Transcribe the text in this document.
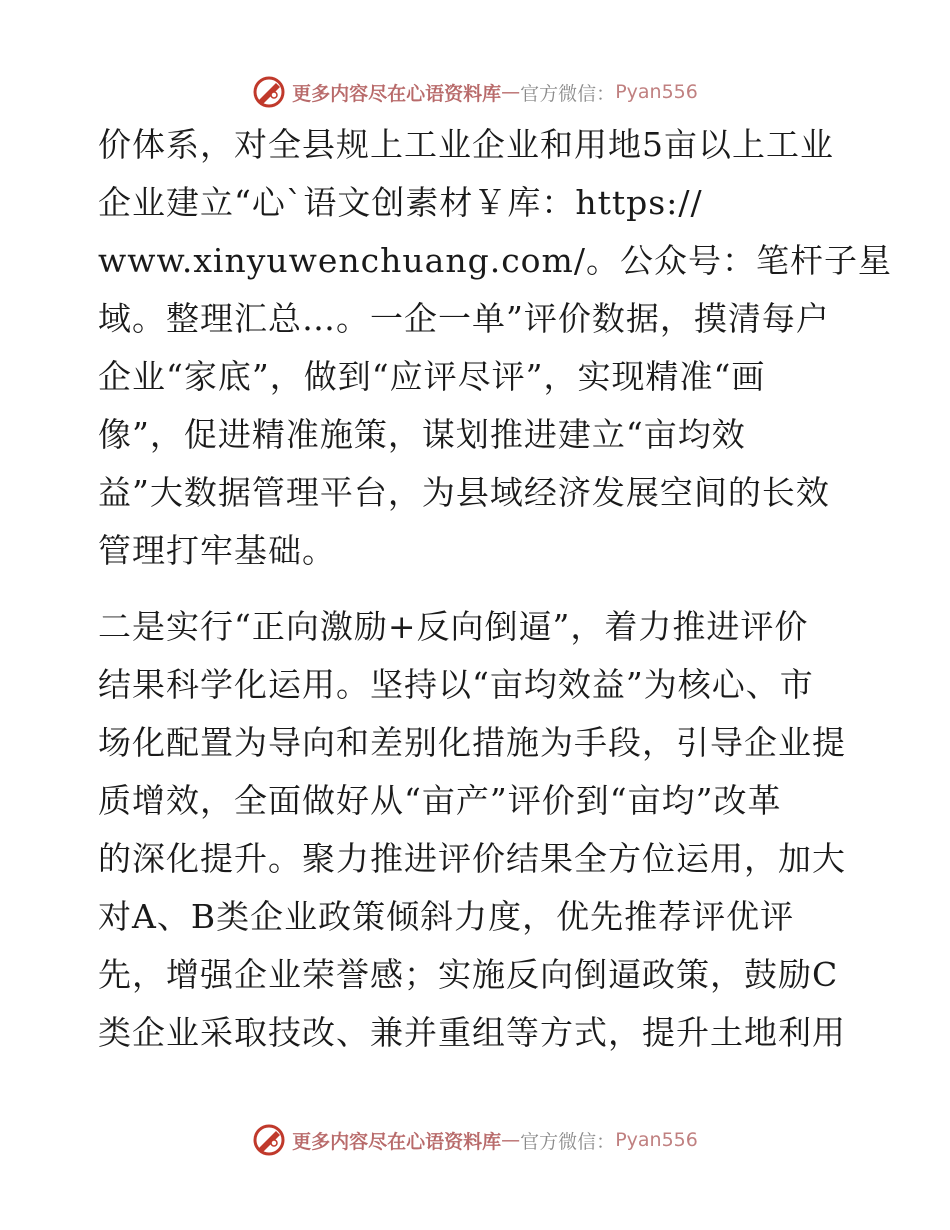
更多内容尽在心语资料库 — 官方微信： Pyan556
价体系，对全县规上工业企业和用地5亩以上工业
企业建立“心`语文创素材￥库：https://
www.xinyuwenchuang.com/。公众号：笔杆子星
域。整理汇总…。一企一单”评价数据，摸清每户
企业“家底”，做到“应评尽评”，实现精准“画
像”，促进精准施策，谋划推进建立“亩均效
益”大数据管理平台，为县域经济发展空间的长效
管理打牢基础。
二是实行“正向激励+反向倒逼”，着力推进评价
结果科学化运用。坚持以“亩均效益”为核心、市
场化配置为导向和差别化措施为手段，引导企业提
质增效，全面做好从“亩产”评价到“亩均”改革
的深化提升。聚力推进评价结果全方位运用，加大
对A、B类企业政策倾斜力度，优先推荐评优评
先，增强企业荣誉感；实施反向倒逼政策，鼓励C
类企业采取技改、兼并重组等方式，提升土地利用
更多内容尽在心语资料库 — 官方微信： Pyan556
